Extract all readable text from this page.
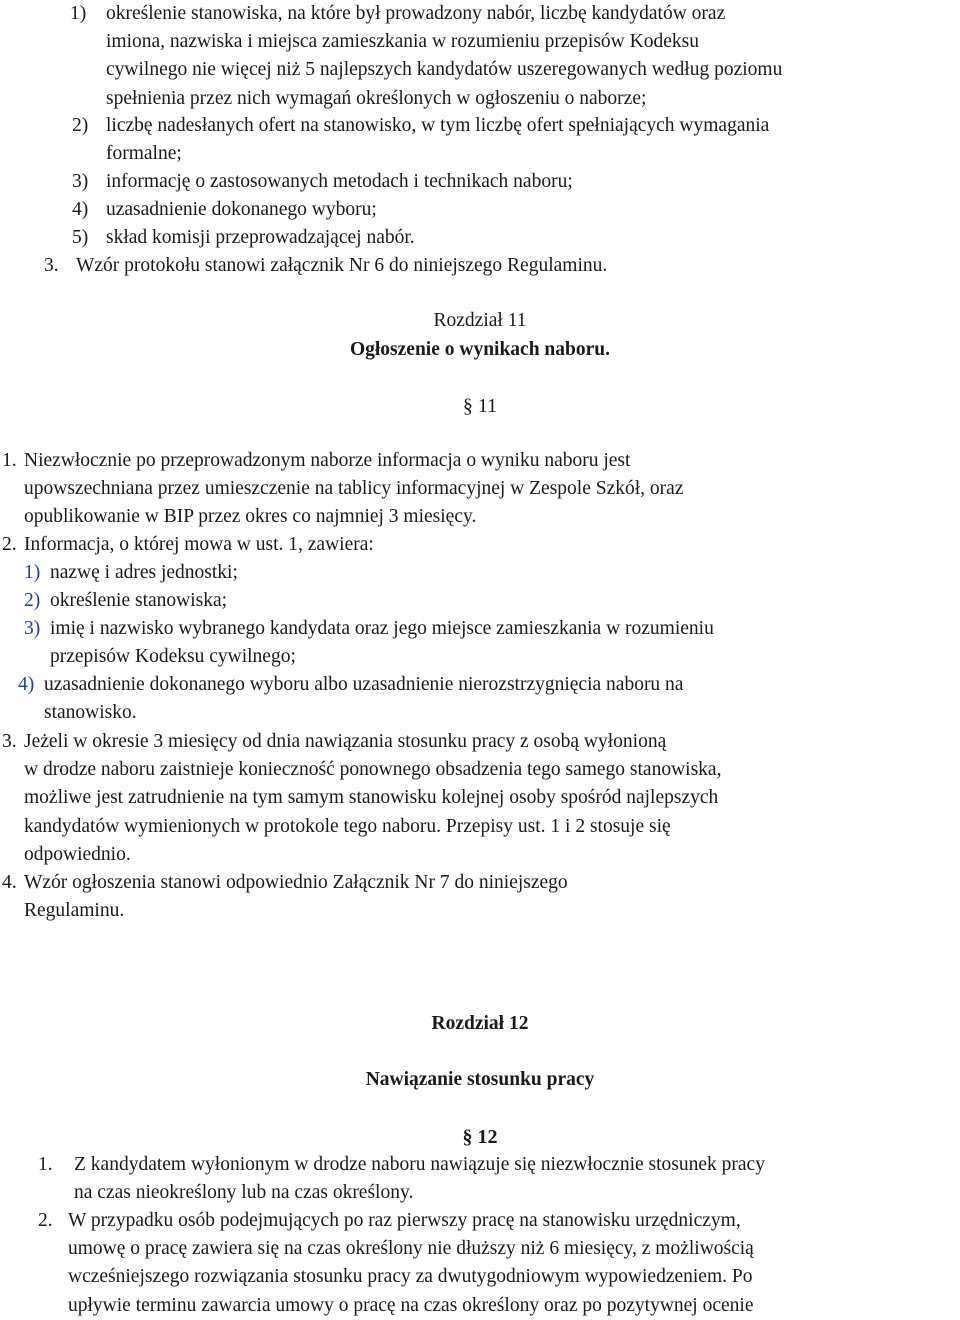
1) określenie stanowiska, na które był prowadzony nabór, liczbę kandydatów oraz
imiona, nazwiska i miejsca zamieszkania w rozumieniu przepisów Kodeksu
cywilnego nie więcej niż 5 najlepszych kandydatów uszeregowanych według poziomu
spełnienia przez nich wymagań określonych w ogłoszeniu o naborze;
2) liczbę nadesłanych ofert na stanowisko, w tym liczbę ofert spełniających wymagania
formalne;
3) informację o zastosowanych metodach i technikach naboru;
4) uzasadnienie dokonanego wyboru;
5) skład komisji przeprowadzającej nabór.
3. Wzór protokołu stanowi załącznik Nr 6 do niniejszego Regulaminu.
Rozdział 11
Ogłoszenie o wynikach naboru.
§ 11
1. Niezwłocznie po przeprowadzonym naborze informacja o wyniku naboru jest
upowszechniana przez umieszczenie na tablicy informacyjnej w Zespole Szkół, oraz
opublikowanie w BIP przez okres co najmniej 3 miesięcy.
2. Informacja, o której mowa w ust. 1, zawiera:
1) nazwę i adres jednostki;
2) określenie stanowiska;
3) imię i nazwisko wybranego kandydata oraz jego miejsce zamieszkania w rozumieniu
przepisów Kodeksu cywilnego;
4) uzasadnienie dokonanego wyboru albo uzasadnienie nierozstrzygnięcia naboru na
stanowisko.
3. Jeżeli w okresie 3 miesięcy od dnia nawiązania stosunku pracy z osobą wyłonioną
w drodze naboru zaistnieje konieczność ponownego obsadzenia tego samego stanowiska,
możliwe jest zatrudnienie na tym samym stanowisku kolejnej osoby spośród najlepszych
kandydatów wymienionych w protokole tego naboru. Przepisy ust. 1 i 2 stosuje się
odpowiednio.
4. Wzór ogłoszenia stanowi odpowiednio Załącznik Nr 7 do niniejszego
Regulaminu.
Rozdział 12
Nawiązanie stosunku pracy
§ 12
1. Z kandydatem wyłonionym w drodze naboru nawiązuje się niezwłocznie stosunek pracy
na czas nieokreślony lub na czas określony.
2. W przypadku osób podejmujących po raz pierwszy pracę na stanowisku urzędniczym,
umowę o pracę zawiera się na czas określony nie dłuższy niż 6 miesięcy, z możliwością
wcześniejszego rozwiązania stosunku pracy za dwutygodniowym wypowiedzeniem. Po
upływie terminu zawarcia umowy o pracę na czas określony oraz po pozytywnej ocenie
